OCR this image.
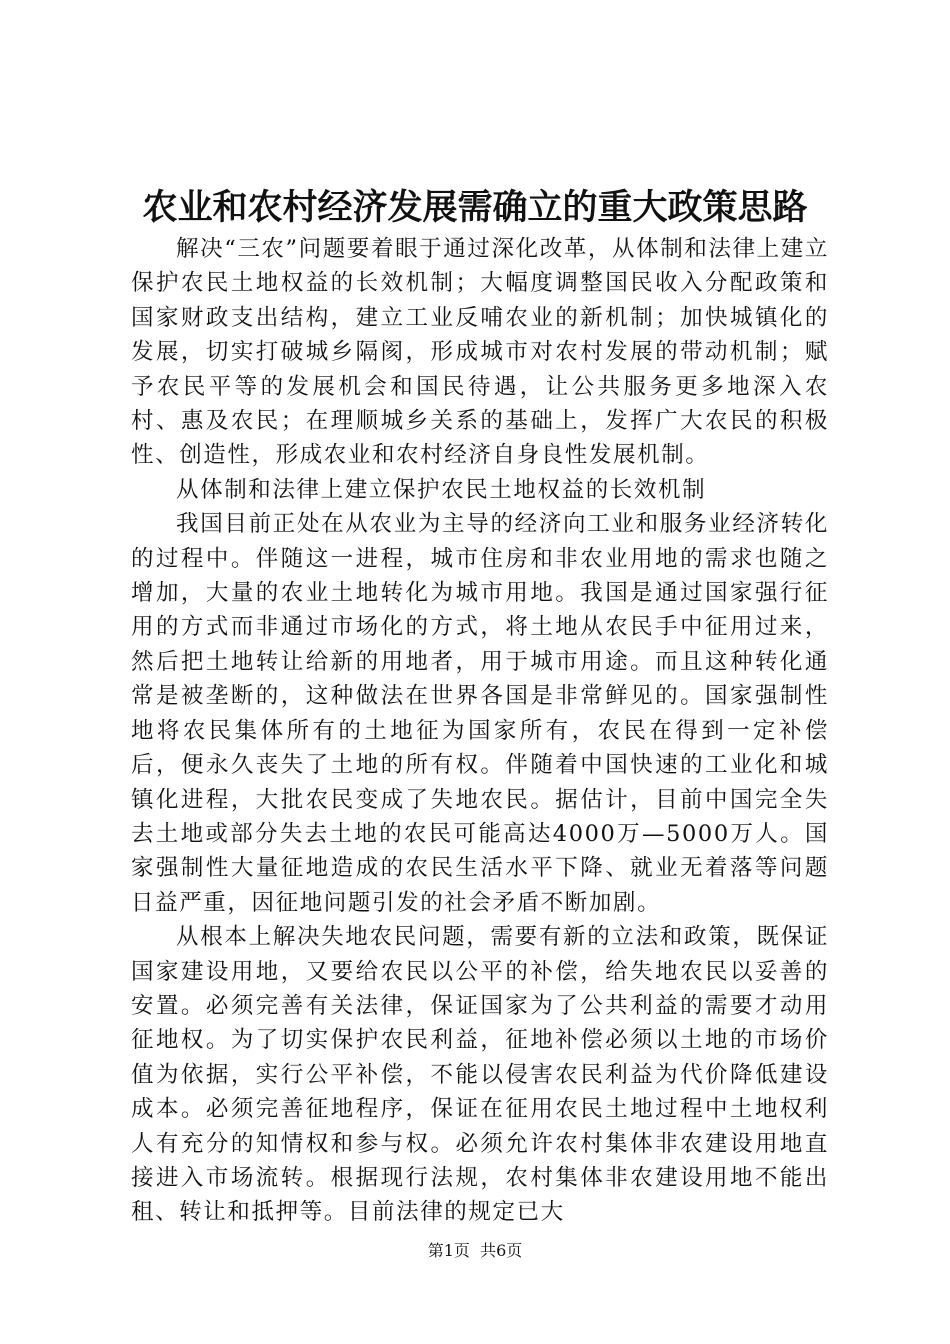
农业和农村经济发展需确立的重大政策思路

解决“三农”问题要着眼于通过深化改革，从体制和法律上建立保护农民土地权益的长效机制；大幅度调整国民收入分配政策和国家财政支出结构，建立工业反哺农业的新机制；加快城镇化的发展，切实打破城乡隔阂，形成城市对农村发展的带动机制；赋予农民平等的发展机会和国民待遇，让公共服务更多地深入农村、惠及农民；在理顺城乡关系的基础上，发挥广大农民的积极性、创造性，形成农业和农村经济自身良性发展机制。

从体制和法律上建立保护农民土地权益的长效机制

我国目前正处在从农业为主导的经济向工业和服务业经济转化的过程中。伴随这一进程，城市住房和非农业用地的需求也随之增加，大量的农业土地转化为城市用地。我国是通过国家强行征用的方式而非通过市场化的方式，将土地从农民手中征用过来，然后把土地转让给新的用地者，用于城市用途。而且这种转化通常是被垄断的，这种做法在世界各国是非常鲜见的。国家强制性地将农民集体所有的土地征为国家所有，农民在得到一定补偿后，便永久丧失了土地的所有权。伴随着中国快速的工业化和城镇化进程，大批农民变成了失地农民。据估计，目前中国完全失去土地或部分失去土地的农民可能高达4000万—5000万人。国家强制性大量征地造成的农民生活水平下降、就业无着落等问题日益严重，因征地问题引发的社会矛盾不断加剧。

从根本上解决失地农民问题，需要有新的立法和政策，既保证国家建设用地，又要给农民以公平的补偿，给失地农民以妥善的安置。必须完善有关法律，保证国家为了公共利益的需要才动用征地权。为了切实保护农民利益，征地补偿必须以土地的市场价值为依据，实行公平补偿，不能以侵害农民利益为代价降低建设成本。必须完善征地程序，保证在征用农民土地过程中土地权利人有充分的知情权和参与权。必须允许农村集体非农建设用地直接进入市场流转。根据现行法规，农村集体非农建设用地不能出租、转让和抵押等。目前法律的规定已大

第1页 共6页
